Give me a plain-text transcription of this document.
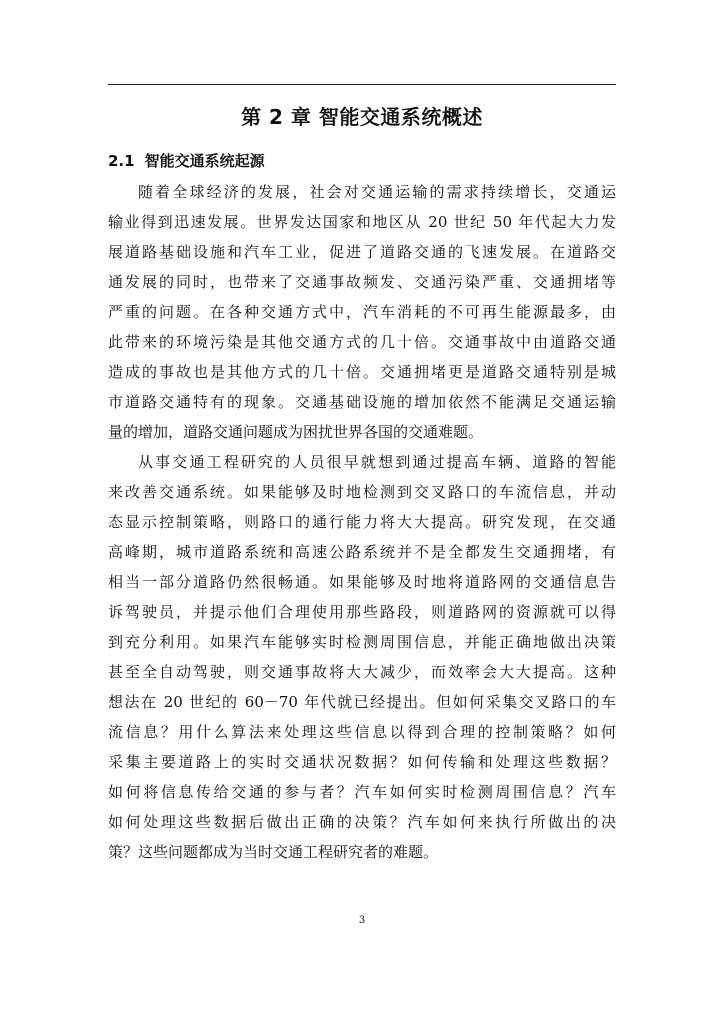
第 2 章 智能交通系统概述
2.1 智能交通系统起源
随着全球经济的发展，社会对交通运输的需求持续增长，交通运
输业得到迅速发展。世界发达国家和地区从 20 世纪 50 年代起大力发
展道路基础设施和汽车工业，促进了道路交通的飞速发展。在道路交
通发展的同时，也带来了交通事故频发、交通污染严重、交通拥堵等
严重的问题。在各种交通方式中，汽车消耗的不可再生能源最多，由
此带来的环境污染是其他交通方式的几十倍。交通事故中由道路交通
造成的事故也是其他方式的几十倍。交通拥堵更是道路交通特别是城
市道路交通特有的现象。交通基础设施的增加依然不能满足交通运输
量的增加，道路交通问题成为困扰世界各国的交通难题。
从事交通工程研究的人员很早就想到通过提高车辆、道路的智能
来改善交通系统。如果能够及时地检测到交叉路口的车流信息，并动
态显示控制策略，则路口的通行能力将大大提高。研究发现，在交通
高峰期，城市道路系统和高速公路系统并不是全都发生交通拥堵，有
相当一部分道路仍然很畅通。如果能够及时地将道路网的交通信息告
诉驾驶员，并提示他们合理使用那些路段，则道路网的资源就可以得
到充分利用。如果汽车能够实时检测周围信息，并能正确地做出决策
甚至全自动驾驶，则交通事故将大大减少，而效率会大大提高。这种
想法在 20 世纪的 60－70 年代就已经提出。但如何采集交叉路口的车
流信息？用什么算法来处理这些信息以得到合理的控制策略？如何
采集主要道路上的实时交通状况数据？如何传输和处理这些数据？
如何将信息传给交通的参与者？汽车如何实时检测周围信息？汽车
如何处理这些数据后做出正确的决策？汽车如何来执行所做出的决
策？这些问题都成为当时交通工程研究者的难题。
3
